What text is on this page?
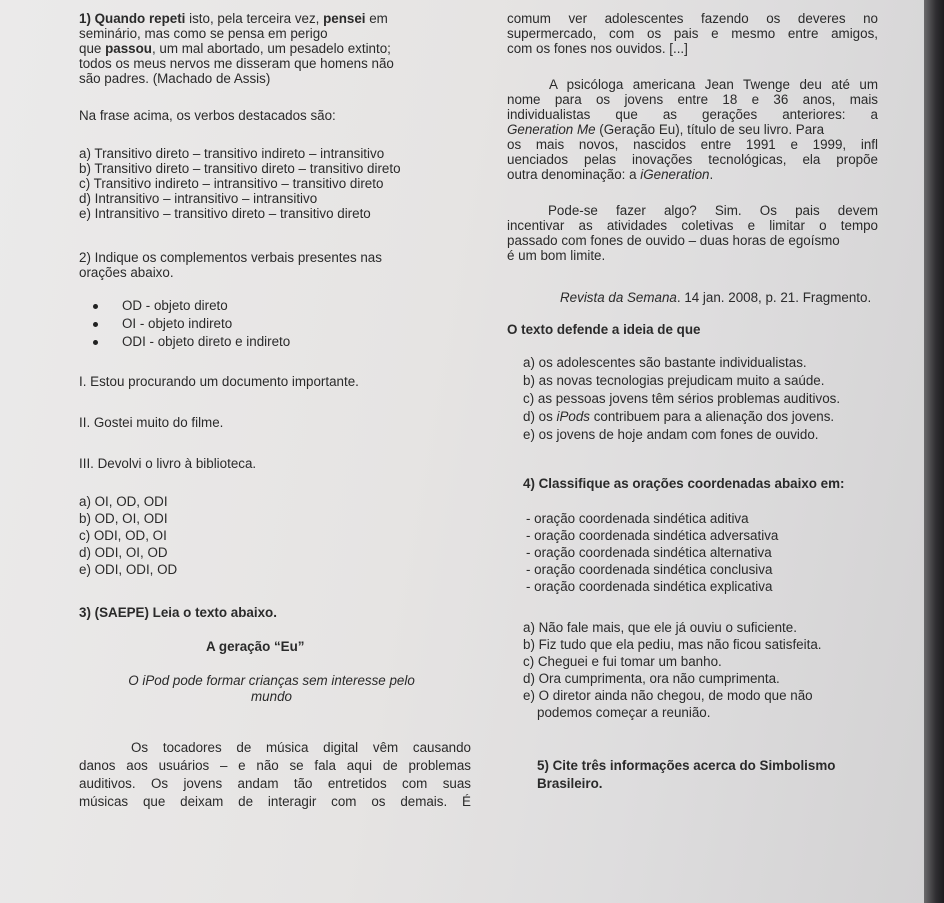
1) Quando repeti isto, pela terceira vez, pensei em
seminário, mas como se pensa em perigo
que passou, um mal abortado, um pesadelo extinto;
todos os meus nervos me disseram que homens não
são padres. (Machado de Assis)
Na frase acima, os verbos destacados são:
a) Transitivo direto – transitivo indireto – intransitivo
b) Transitivo direto – transitivo direto – transitivo direto
c) Transitivo indireto – intransitivo – transitivo direto
d) Intransitivo – intransitivo – intransitivo
e) Intransitivo – transitivo direto – transitivo direto
2) Indique os complementos verbais presentes nas
orações abaixo.
OD - objeto direto
OI - objeto indireto
ODI - objeto direto e indireto
I. Estou procurando um documento importante.
II. Gostei muito do filme.
III. Devolvi o livro à biblioteca.
a) OI, OD, ODI
b) OD, OI, ODI
c) ODI, OD, OI
d) ODI, OI, OD
e) ODI, ODI, OD
3) (SAEPE) Leia o texto abaixo.
A geração “Eu”
O iPod pode formar crianças sem interesse pelo
mundo
Os tocadores de música digital vêm causando
danos aos usuários – e não se fala aqui de problemas
auditivos. Os jovens andam tão entretidos com suas
músicas que deixam de interagir com os demais. É
comum ver adolescentes fazendo os deveres no
supermercado, com os pais e mesmo entre amigos,
com os fones nos ouvidos. [...]
A psicóloga americana Jean Twenge deu até um
nome para os jovens entre 18 e 36 anos, mais
individualistas que as gerações anteriores: a
Generation Me (Geração Eu), título de seu livro. Para
os mais novos, nascidos entre 1991 e 1999, infl
uenciados pelas inovações tecnológicas, ela propõe
outra denominação: a iGeneration.
Pode-se fazer algo? Sim. Os pais devem
incentivar as atividades coletivas e limitar o tempo
passado com fones de ouvido – duas horas de egoísmo
é um bom limite.
Revista da Semana. 14 jan. 2008, p. 21. Fragmento.
O texto defende a ideia de que
a) os adolescentes são bastante individualistas.
b) as novas tecnologias prejudicam muito a saúde.
c) as pessoas jovens têm sérios problemas auditivos.
d) os iPods contribuem para a alienação dos jovens.
e) os jovens de hoje andam com fones de ouvido.
4) Classifique as orações coordenadas abaixo em:
- oração coordenada sindética aditiva
- oração coordenada sindética adversativa
- oração coordenada sindética alternativa
- oração coordenada sindética conclusiva
- oração coordenada sindética explicativa
a) Não fale mais, que ele já ouviu o suficiente.
b) Fiz tudo que ela pediu, mas não ficou satisfeita.
c) Cheguei e fui tomar um banho.
d) Ora cumprimenta, ora não cumprimenta.
e) O diretor ainda não chegou, de modo que não
podemos começar a reunião.
5) Cite três informações acerca do Simbolismo
Brasileiro.
